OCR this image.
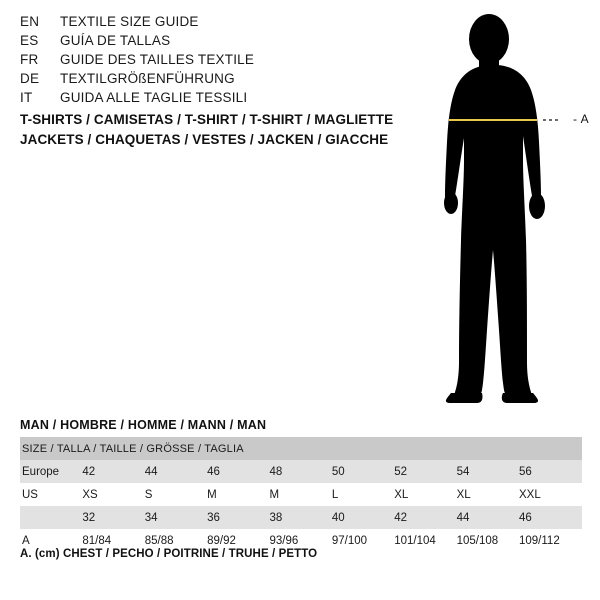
EN	TEXTILE SIZE GUIDE
ES	GUÍA DE TALLAS
FR	GUIDE DES TAILLES TEXTILE
DE	TEXTILGRÖßENFÜHRUNG
IT	GUIDA ALLE TAGLIE TESSILI
T-SHIRTS / CAMISETAS / T-SHIRT / T-SHIRT / MAGLIETTE
JACKETS / CHAQUETAS / VESTES / JACKEN / GIACCHE
- A
MAN / HOMBRE / HOMME / MANN / MAN
SIZE / TALLA / TAILLE / GRÖSSE / TAGLIA								
Europe	42	44	46	48	50	52	54	56
US	XS	S	M	M	L	XL	XL	XXL
	32	34	36	38	40	42	44	46
A	81/84	85/88	89/92	93/96	97/100	101/104	105/108	109/112
A. (cm) CHEST / PECHO / POITRINE / TRUHE / PETTO
